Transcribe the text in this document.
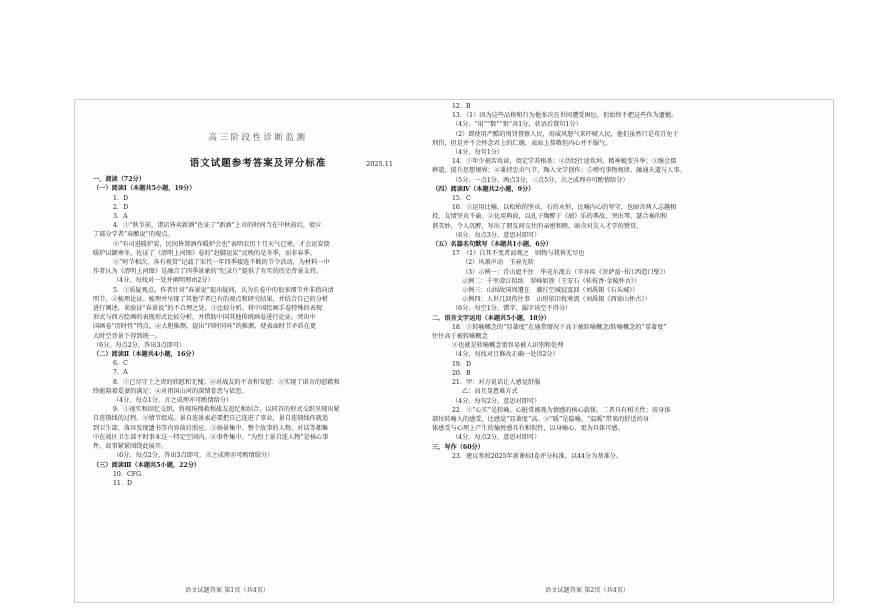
高三阶段性诊断监测
语文试题参考答案及评分标准	2025.11
一、阅读（72分）
（一）阅读Ⅰ（本题共5小题，19分）
1．D
2．D
3．A
4．①“秋节前，诸店皆卖新酒”佐证了“新酒”上市的时间当在中秋前后，驳斥
了部分学者“春酿说”的观点。
②“有司进暖炉炭，民间皆置酒作暖炉会也”表明农历十月天气已寒，才会运炭烧
暖炉以御寒冬，佐证了《清明上河图》卷的“赶脚运炭”反映的是冬季，而非春季。
③“时节相次，各有观赏”记载了宋代一年四季接连不断的节令活动，为材料一中
作者认为《清明上河图》是融合了四季景象的“纪录片”提供了有实的历史背景支持。
（4分。每找对一处并阐明理由2分）
5．①质疑观点。作者针对“春景说”提出疑问，认为长卷中的很多细节并非指向清
明节。②梳理论证。梳理并呈现了其他学者已有的观点和研究结果，并结合自己的分析
进行阐述，来验证“春景说”的不合理之处。③比较分析。将中国绘画手卷特殊的表现
形式与西方绘画的表现形式比较分析，并借助中国其他传统画卷进行论证。突出中
国画卷“历时性”特点。④大胆推测。提出“四时同环”的推测，使表面时节矛盾在更
大时空背景下得到统一。
（6分。每点2分，答出3点即可）
（二）阅读Ⅱ（本题共4小题，16分）
6．C
7．A
8．①已尽守土之责的欣慰和无愧；②对战友的不舍和安慰；③实现了诺言的慰藉和
终能陪着爱妻的满足；④对祖国山河的深情眷恋与依恋。
（4分。每点1分，言之成理亦可酌情给分）
9．①视实和回忆交织，将现场搜救和战友追忆相结合，以同首的形式交织呈现出紧
自连锁线的过程。②情节组成。景自连景索必要把自己连进了事业，景自连锁线作就追
到卫生部，落容发现遗书等内容前后照应。③扬景集中。整个故事的人物、对话等都集
中在战区卫生部平时事业这一特定空间内。④事件集中。“为烈士景自连人物”是核心事
件，故事紧紧围绕此展开。
（6分。每点2分，答出3点即可，言之成理亦可酌情给分）
（三）阅读Ⅲ（本题共5小题，22分）
10．CFG
11．D
12．B
13．（1）因为这些品格和行为他多次在世间遭受困厄，但始终不把这些作为遗憾。
（4分。“用”“数”“恨”各1分，状语后置句1分）
（2）即使用严酷的刑罚督察人民，用威风怒气来吓唬人民，他们虽然只是苟且免于
刑罚，但是并不会怀念君上的仁德，表面上恭敬但内心并不服气。
（4分，每句1分）
14．①年少刻苦攻读，奠定学养根基；②历经仕途坎坷，精神蜕变升华；③继会儒
释道，提升思想境界；④秉持忠贞气节，陶入文学创作；⑤殚究事物规律，融通天道与人事。
（5分。一点1分，两点3分，三点5分，言之成理亦可酌情给分）
（四）阅读Ⅳ（本题共2小题，9分）
15．C
16．①运用比喻，以松柏的坚贞、石的永恒，比喻内心的坚守，也暗含两人志趣相
投，友情坚贞不渝。②化用典故，以孔子陶醉于《韶》乐的典故，突出琴、瑟合奏的和
谐美妙，令人沉醉，写出了朋友间交往的亲密和睦，暗含对友人才学的赞赏。
（6分。每点3分，意思对即可）
（五）名篇名句默写（本题共1小题，6分）
17．（1）自其不变者而观之　则物与我皆无尽也
（2）风箫声动　玉壶光转
（3）示例一：青山遮不住　毕竟东流去（辛弃疾《菩萨蛮·书江西造口壁》）
示例二：千里澄江似练　翠峰如簇（王安石《桂枝香·金陵怀古》）
示例三：山围故国周遭在　潮打空城寂寞回（刘禹锡《石头城》）
示例四：人世几回伤往事　山形依旧枕寒流（刘禹锡《西塞山怀古》）
（6分。每空1分，错字、漏字该空不得分）
二、语言文字运用（本题共5小题，18分）
18．①转喻概念的“显著度”在通常情况下高于被转喻概念/转喻概念的“显著度”
往往高于被转喻概念
②也就是转喻概念更容易被人识别和处理
（4分。每找对且修改正确一处得2分）
19．D
20．B
21．甲：对方说话让人感觉舒服
乙：而且显患难方式
（4分。每句2分，意思对即可）
22．①“心实”是转喻。心脏常被视为情感的核心载体，二者具有相关性；用身体
部位转喻人的感受，比感觉“显著度”高。②“暖”是隐喻。“温暖”带来的舒适的身
体感受与心理上产生的愉悦感具有相似性，以身喻心，更为具体可感。
（4分。每点2分，意思对即可）
三、写作（60分）
23．建议参照2025年新课标Ⅰ卷评分标准，以44分为基准分。
语文试题答案 第1页（共4页）	语文试题答案 第2页（共4页）
